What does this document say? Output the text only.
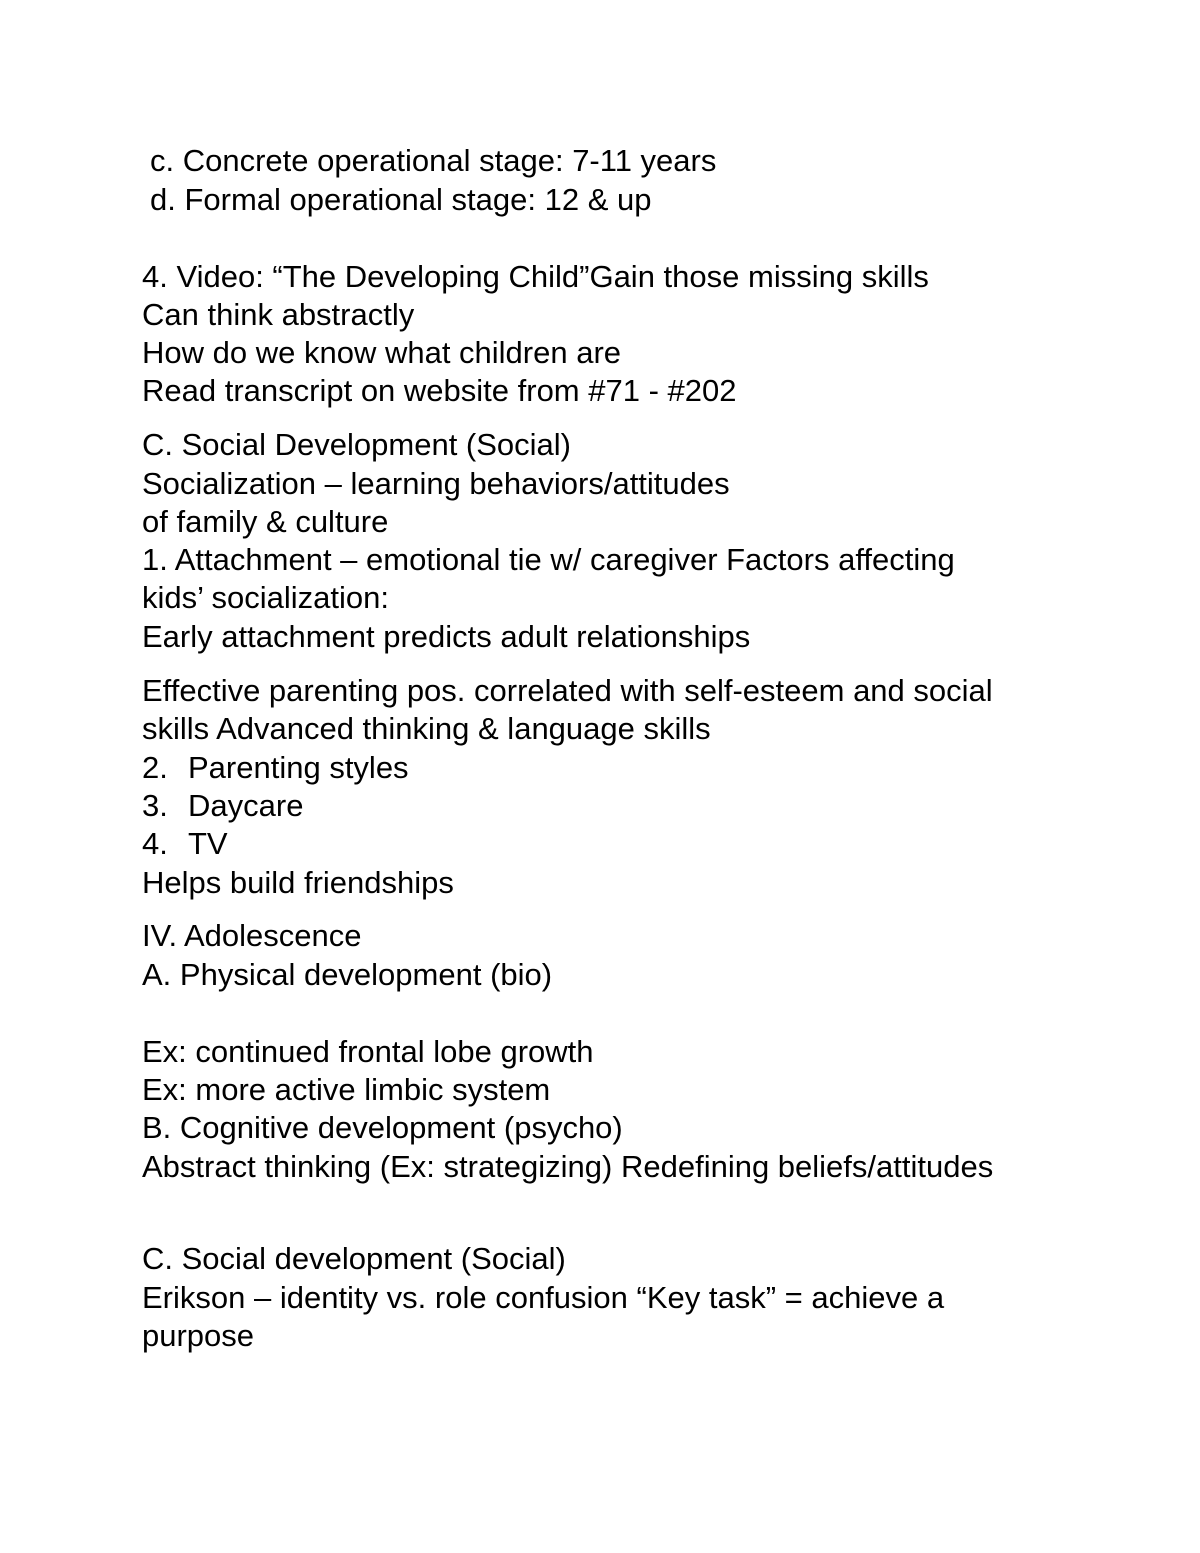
c. Concrete operational stage: 7-11 years
d. Formal operational stage: 12 & up
4. Video: “The Developing Child”Gain those missing skills
Can think abstractly
How do we know what children are
Read transcript on website from #71 - #202
C. Social Development (Social)
Socialization – learning behaviors/attitudes
of family & culture
1. Attachment – emotional tie w/ caregiver Factors affecting
kids’ socialization:
Early attachment predicts adult relationships
Effective parenting pos. correlated with self-esteem and social
skills Advanced thinking & language skills
2. Parenting styles
3. Daycare
4. TV
Helps build friendships
IV. Adolescence
A. Physical development (bio)
Ex: continued frontal lobe growth
Ex: more active limbic system
B. Cognitive development (psycho)
Abstract thinking (Ex: strategizing) Redefining beliefs/attitudes
C. Social development (Social)
Erikson – identity vs. role confusion “Key task” = achieve a
purpose
